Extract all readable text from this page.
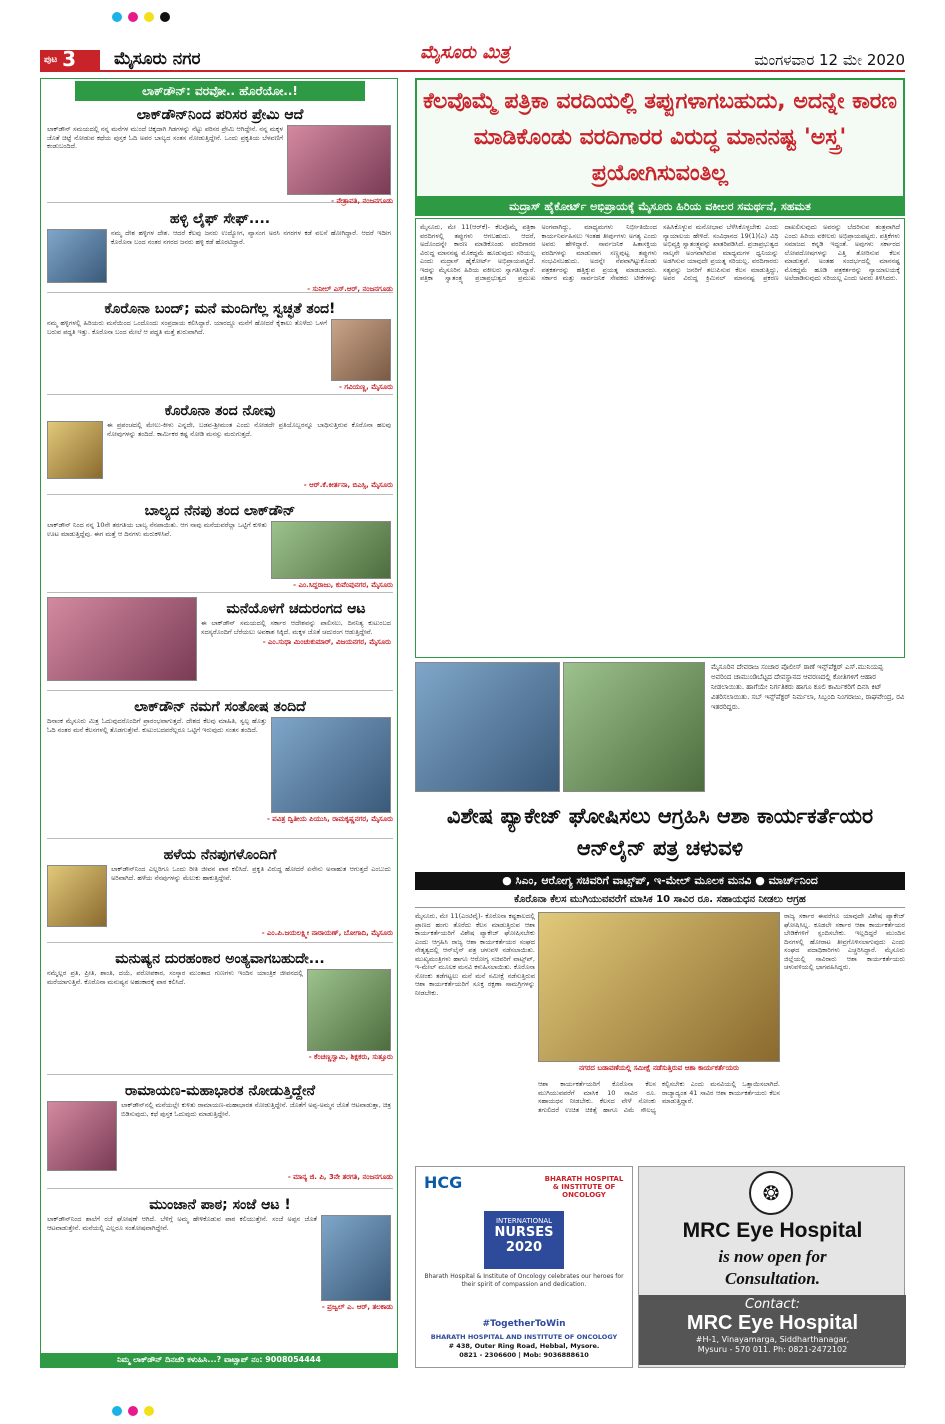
ಪುಟ 3	ಮೈಸೂರು ನಗರ	ಮೈಸೂರು ಮಿತ್ರ	ಮಂಗಳವಾರ 12 ಮೇ 2020
ಲಾಕ್‌ಡೌನ್: ವರವೋ.. ಹೊರೆಯೋ..!
ಲಾಕ್‌ಡೌನ್‌ನಿಂದ ಪರಿಸರ ಪ್ರೇಮಿ ಆದೆ
ಲಾಕ್‌ಡೌನ್ ಸಮಯದಲ್ಲಿ ನನ್ನ ಮನೆಗಳ ಮುಂದೆ ಚಿಕ್ಕದಾಗಿ ಗಿಡಗಳನ್ನು ನೆಟ್ಟು ಪರಿಸರ ಪ್ರೇಮಿ ಆಗಿದ್ದೇನೆ. ನನ್ನ ಮಕ್ಕಳ ಜೊತೆ ಚಿಟ್ಟೆ ನೋಡುವ ಕಥೆಯ ಪುಸ್ತಕ ಓದಿ ಅವರ ಬಾಲ್ಯದ ಸಂತಸ ನೋಡುತ್ತಿದ್ದೇನೆ. ಒಂದು ಪ್ರಕೃತಿಯ ಬೆಳವಣಿಗೆ ಕಂಡುಬಂದಿದೆ.
- ನೇತ್ರಾವತಿ, ನಂಜನಗೂಡು
ಹಳ್ಳಿ ಲೈಫ್ ಸೇಫ್....
ನಮ್ಮ ದೇಶ ಹಳ್ಳಿಗಳ ದೇಶ. ಆದರೆ ಕೆಲವು ಜನರು ಉದ್ಯೋಗ, ವ್ಯಾಸಂಗ ಅರಸಿ ನಗರಗಳ ಕಡೆ ವಲಸೆ ಹೋಗಿದ್ದಾರೆ. ಆದರೆ ಇದೀಗ ಕೊರೊನಾ ಬಂದ ನಂತರ ನಗರದ ಜನರು ಹಳ್ಳಿ ಕಡೆ ಹೊರಟಿದ್ದಾರೆ.
- ಸುನೀಲ್ ಎಸ್.ಆರ್, ನಂಜನಗೂಡು
ಕೊರೊನಾ ಬಂದ್; ಮನೆ ಮಂದಿಗೆಲ್ಲ ಸ್ವಚ್ಛತೆ ತಂದ!
ನಮ್ಮ ಹಳ್ಳಿಗಳಲ್ಲಿ ಹಿರಿಯರು ಮನೆಯಿಂದ ಒಂದೊಂದು ಸಂಪ್ರದಾಯ ಕಲಿಸಿದ್ದಾರೆ. ಯಾರದ್ದೂ ಮನೆಗೆ ಹೋದರೆ ಕೈಕಾಲು ತೊಳೆದು ಒಳಗೆ ಬರುವ ಪದ್ಧತಿ ಇತ್ತು. ಕೊರೊನಾ ಬಂದ ಮೇಲೆ ಆ ಪದ್ಧತಿ ಮತ್ತೆ ಶುರುವಾಗಿದೆ.
- ಗವಿಯಣ್ಣ, ಮೈಸೂರು
ಕೊರೊನಾ ತಂದ ನೋವು
ಈ ಪ್ರಪಂಚದಲ್ಲಿ ಮೇಲು-ಕೀಳು ಎನ್ನದೇ, ಬಡವ-ಶ್ರೀಮಂತ ಎಂದು ನೋಡದೇ ಪ್ರತಿಯೊಬ್ಬರನ್ನೂ ಬಾಧಿಸುತ್ತಿರುವ ಕೊರೊನಾ ಹಲವು ನೋವುಗಳನ್ನು ತಂದಿದೆ. ಕಾರ್ಮಿಕರ ಕಷ್ಟ ನೋಡಿ ಮನಸ್ಸು ಮರುಗುತ್ತದೆ.
- ಆರ್.ಕೆ.ಕೀರ್ತನಾ, ಬಿಎಸ್ಸಿ, ಮೈಸೂರು
ಬಾಲ್ಯದ ನೆನಪು ತಂದ ಲಾಕ್‌ಡೌನ್
ಲಾಕ್‌ಡೌನ್ ನಿಂದ ನನ್ನ 10ನೇ ತರಗತಿಯ ಬಾಲ್ಯ ನೆನಪಾಯಿತು. ಆಗ ನಾವು ಮನೆಯವರೆಲ್ಲಾ ಒಟ್ಟಿಗೆ ಕುಳಿತು ಊಟ ಮಾಡುತ್ತಿದ್ದೆವು. ಈಗ ಮತ್ತೆ ಆ ದಿನಗಳು ಮರುಕಳಿಸಿವೆ.
- ಎಂ.ಸಿದ್ದರಾಜು, ಕುವೆಂಪುನಗರ, ಮೈಸೂರು
ಮನೆಯೊಳಗೆ ಚದುರಂಗದ ಆಟ
ಈ ಲಾಕ್‌ಡೌನ್ ಸಮಯದಲ್ಲಿ ಸರ್ಕಾರ ಆದೇಶವನ್ನು ಪಾಲಿಸಲು, ದಿನನಿತ್ಯ ಕುಟುಂಬದ ಸದಸ್ಯರೊಂದಿಗೆ ಬೆರೆಯಲು ಅವಕಾಶ ಸಿಕ್ಕಿದೆ. ಮಕ್ಕಳ ಜೊತೆ ಚದುರಂಗ ಆಡುತ್ತಿದ್ದೇವೆ.
- ಎಂ.ಸುಧಾ ಮಿಂಚುಕುಮಾರ್, ವಿಜಯನಗರ, ಮೈಸೂರು
ಲಾಕ್‌ಡೌನ್ ನಮಗೆ ಸಂತೋಷ ತಂದಿದೆ
ದಿನಾಂಕ ಮೈಸೂರು ಮಿತ್ರ ಓದುವುದರೊಂದಿಗೆ ಪ್ರಾರಂಭವಾಗುತ್ತದೆ. ದೇಶದ ಕೆಲವು ಮಾಹಿತಿ, ಸ್ವಲ್ಪ ಹೊತ್ತು ಓದಿ ನಂತರ ಮನೆ ಕೆಲಸಗಳಲ್ಲಿ ತೊಡಗುತ್ತೇವೆ. ಕುಟುಂಬದವರೆಲ್ಲರೂ ಒಟ್ಟಿಗೆ ಇರುವುದು ಸಂತಸ ತಂದಿದೆ.
- ಪವಿತ್ರ ದ್ವಿತೀಯ ಪಿಯುಸಿ, ರಾಮಕೃಷ್ಣನಗರ, ಮೈಸೂರು
ಹಳೆಯ ನೆನಪುಗಳೊಂದಿಗೆ
ಲಾಕ್‌ಡೌನ್‌ನಿಂದ ಎಲ್ಲರಿಗೂ ಒಂದು ರೀತಿ ಜೀವನ ಪಾಠ ಕಲಿಸಿದೆ. ಪ್ರಕೃತಿ ವಿರುದ್ಧ ಹೋದರೆ ಏನೇನು ಅನಾಹುತ ಆಗುತ್ತದೆ ಎಂಬುದು ಅರಿವಾಗಿದೆ. ಹಳೆಯ ನೆನಪುಗಳನ್ನು ಮೆಲುಕು ಹಾಕುತ್ತಿದ್ದೇವೆ.
- ಎಂ.ಪಿ.ಜಯಲಕ್ಷ್ಮೀ ನಾರಾಯಣ್, ಬೋಗಾದಿ, ಮೈಸೂರು
ಮನುಷ್ಯನ ದುರಹಂಕಾರ ಅಂತ್ಯವಾಗಬಹುದೇ...
ನಮ್ಮೆಲ್ಲರ ಪ್ರತಿ, ಪ್ರೀತಿ, ಶಾಂತಿ, ದಯೆ, ಪರೋಪಕಾರ, ಸಂಸ್ಕಾರ ಮುಂತಾದ ಗುಣಗಳು ಇಂದಿನ ಯಾಂತ್ರಿಕ ಜೀವನದಲ್ಲಿ ಮರೆಯಾಗುತ್ತಿವೆ. ಕೊರೊನಾ ಮನುಷ್ಯನ ಅಹಂಕಾರಕ್ಕೆ ಪಾಠ ಕಲಿಸಿದೆ.
- ಕೆಂಚಣ್ಣಸ್ವಾಮಿ, ಶಿಕ್ಷಕರು, ಸುತ್ತೂರು
ರಾಮಾಯಣ-ಮಹಾಭಾರತ ನೋಡುತ್ತಿದ್ದೇನೆ
ಲಾಕ್‌ಡೌನ್‌ನಲ್ಲಿ ಮನೆಯಲ್ಲೇ ಕುಳಿತು ರಾಮಾಯಣ-ಮಹಾಭಾರತ ನೋಡುತ್ತಿದ್ದೇನೆ. ಜೊತೆಗೆ ಅಪ್ಪ-ಅಮ್ಮನ ಜೊತೆ ಆಟವಾಡುತ್ತಾ, ಚಿತ್ರ ಬಿಡಿಸುವುದು, ಕಥೆ ಪುಸ್ತಕ ಓದುವುದು ಮಾಡುತ್ತಿದ್ದೇನೆ.
- ಮಾನ್ಯ ಜಿ. ಪಿ, 3ನೇ ತರಗತಿ, ನಂಜನಗೂಡು
ಮುಂಜಾನೆ ಪಾಠ; ಸಂಜೆ ಆಟ !
ಲಾಕ್‌ಡೌನ್‌ನಿಂದ ಶಾಲೆಗೆ ರಜೆ ಘೋಷಣೆ ಆಗಿದೆ. ಬೆಳಿಗ್ಗೆ ಅಮ್ಮ ಹೇಳಿಕೊಡುವ ಪಾಠ ಕಲಿಯುತ್ತೇನೆ. ಸಂಜೆ ಅಪ್ಪನ ಜೊತೆ ಆಟವಾಡುತ್ತೇನೆ. ಮನೆಯಲ್ಲಿ ಎಲ್ಲರೂ ಸಂತೋಷವಾಗಿದ್ದೇವೆ.
- ಪ್ರಜ್ವಲ್ ಎ. ಆರ್, ತಲಕಾಡು
ನಿಮ್ಮ ಲಾಕ್‌ಡೌನ್ ದಿನಚರಿ ಕಳುಹಿಸಿ...? ವಾಟ್ಸಾಪ್ ನಂ: 9008054444
ಕೆಲವೊಮ್ಮೆ ಪತ್ರಿಕಾ ವರದಿಯಲ್ಲಿ ತಪ್ಪುಗಳಾಗಬಹುದು, ಅದನ್ನೇ ಕಾರಣ ಮಾಡಿಕೊಂಡು ವರದಿಗಾರರ ವಿರುದ್ಧ ಮಾನನಷ್ಟ 'ಅಸ್ತ್ರ' ಪ್ರಯೋಗಿಸುವಂತಿಲ್ಲ
ಮದ್ರಾಸ್ ಹೈಕೋರ್ಟ್ ಅಭಿಪ್ರಾಯಕ್ಕೆ ಮೈಸೂರು ಹಿರಿಯ ವಕೀಲರ ಸಮರ್ಥನೆ, ಸಹಮತ
ಮೈಸೂರು, ಮೇ 11(ಆರ್‌ಕೆ)- ಕೆಲವೊಮ್ಮೆ ಪತ್ರಿಕಾ ವರದಿಗಳಲ್ಲಿ ತಪ್ಪುಗಳು ಆಗಬಹುದು. ಆದರೆ, ಅದೊಂದನ್ನೇ ಕಾರಣ ಮಾಡಿಕೊಂಡು ವರದಿಗಾರರ ವಿರುದ್ಧ ಮಾನನಷ್ಟ ಮೊಕದ್ದಮೆ ಹೂಡುವುದು ಸರಿಯಲ್ಲ ಎಂದು ಮದ್ರಾಸ್ ಹೈಕೋರ್ಟ್ ಅಭಿಪ್ರಾಯಪಟ್ಟಿದೆ. ಇದನ್ನು ಮೈಸೂರಿನ ಹಿರಿಯ ವಕೀಲರು ಸ್ವಾಗತಿಸಿದ್ದಾರೆ. ಪತ್ರಿಕಾ ಸ್ವಾತಂತ್ರ್ಯ ಪ್ರಜಾಪ್ರಭುತ್ವದ ಪ್ರಮುಖ ಅಂಗವಾಗಿದ್ದು, ಮಾಧ್ಯಮಗಳು ನಿರ್ಭೀತಿಯಿಂದ ಕಾರ್ಯನಿರ್ವಹಿಸಲು ಇಂತಹ ತೀರ್ಪುಗಳು ಅಗತ್ಯ ಎಂದು ಅವರು ಹೇಳಿದ್ದಾರೆ. ಸಾರ್ವಜನಿಕ ಹಿತಾಸಕ್ತಿಯ ವರದಿಗಳನ್ನು ಮಾಡುವಾಗ ಸಣ್ಣಪುಟ್ಟ ತಪ್ಪುಗಳು ಸಂಭವಿಸಬಹುದು. ಅದನ್ನೇ ನೆಪವಾಗಿಟ್ಟುಕೊಂಡು ಪತ್ರಕರ್ತರನ್ನು ಹತ್ತಿಕ್ಕುವ ಪ್ರಯತ್ನ ಮಾಡಬಾರದು. ಸರ್ಕಾರ ಮತ್ತು ಸಾರ್ವಜನಿಕ ಸೇವಕರು ಟೀಕೆಗಳನ್ನು ಸಹಿಸಿಕೊಳ್ಳುವ ಮನೋಭಾವ ಬೆಳೆಸಿಕೊಳ್ಳಬೇಕು ಎಂದು ನ್ಯಾಯಾಲಯ ಹೇಳಿದೆ. ಸಂವಿಧಾನದ 19(1)(ಎ) ವಿಧಿ ಅಭಿವ್ಯಕ್ತಿ ಸ್ವಾತಂತ್ರ್ಯವನ್ನು ಖಾತರಿಪಡಿಸಿದೆ. ಪ್ರಜಾಪ್ರಭುತ್ವದ ನಾಲ್ಕನೇ ಅಂಗವಾಗಿರುವ ಮಾಧ್ಯಮಗಳ ಧ್ವನಿಯನ್ನು ಅಡಗಿಸುವ ಯಾವುದೇ ಪ್ರಯತ್ನ ಸರಿಯಲ್ಲ. ವರದಿಗಾರರು ಸತ್ಯವನ್ನು ಜನರಿಗೆ ತಲುಪಿಸುವ ಕೆಲಸ ಮಾಡುತ್ತಿದ್ದು, ಅವರ ವಿರುದ್ಧ ಕ್ರಿಮಿನಲ್ ಮಾನನಷ್ಟ ಪ್ರಕರಣ ದಾಖಲಿಸುವುದು ಅವರನ್ನು ಬೆದರಿಸುವ ತಂತ್ರವಾಗಿದೆ ಎಂದು ಹಿರಿಯ ವಕೀಲರು ಅಭಿಪ್ರಾಯಪಟ್ಟರು. ಪತ್ರಿಕೆಗಳು ಸಮಾಜದ ಕನ್ನಡಿ ಇದ್ದಂತೆ. ಅವುಗಳು ಸರ್ಕಾರದ ಲೋಪದೋಷಗಳನ್ನು ಎತ್ತಿ ತೋರಿಸುವ ಕೆಲಸ ಮಾಡುತ್ತವೆ. ಅಂತಹ ಸಂದರ್ಭದಲ್ಲಿ ಮಾನನಷ್ಟ ಮೊಕದ್ದಮೆ ಹೂಡಿ ಪತ್ರಕರ್ತರನ್ನು ನ್ಯಾಯಾಲಯಕ್ಕೆ ಅಲೆದಾಡಿಸುವುದು ಸರಿಯಲ್ಲ ಎಂದು ಅವರು ತಿಳಿಸಿದರು.
ಮೈಸೂರಿನ ದೇವರಾಜ ಸಂಚಾರ ಪೊಲೀಸ್ ಠಾಣೆ ಇನ್ಸ್‌ಪೆಕ್ಟರ್ ಎಸ್.ಮುನಿಯಪ್ಪ ಅವರಿಂದ ಚಾಮುಂಡಿಬೆಟ್ಟದ ದೇವಸ್ಥಾನದ ಆವರಣದಲ್ಲಿ ಕೋತಿಗಳಿಗೆ ಆಹಾರ ನೀಡಲಾಯಿತು. ಹಾಗೆಯೇ ನಿರ್ಗತಿಕರು ಹಾಗೂ ಕೂಲಿ ಕಾರ್ಮಿಕರಿಗೆ ದಿನಸಿ ಕಿಟ್ ವಿತರಿಸಲಾಯಿತು. ಸಬ್ ಇನ್ಸ್‌ಪೆಕ್ಟರ್ ನಿರ್ಮಲಾ, ಸಿಬ್ಬಂದಿ ನಿಂಗರಾಜು, ರಾಘವೇಂದ್ರ, ರವಿ ಇತರರಿದ್ದರು.
ವಿಶೇಷ ಪ್ಯಾಕೇಜ್ ಘೋಷಿಸಲು ಆಗ್ರಹಿಸಿ ಆಶಾ ಕಾರ್ಯಕರ್ತೆಯರ ಆನ್‌ಲೈನ್ ಪತ್ರ ಚಳುವಳಿ
● ಸಿಎಂ, ಆರೋಗ್ಯ ಸಚಿವರಿಗೆ ವಾಟ್ಸ್‌ಪ್, ಇ-ಮೇಲ್ ಮೂಲಕ ಮನವಿ ● ಮಾರ್ಚ್‌ನಿಂದ
ಕೊರೊನಾ ಕೆಲಸ ಮುಗಿಯುವವರೆಗೆ ಮಾಸಿಕ 10 ಸಾವಿರ ರೂ. ಸಹಾಯಧನ ನೀಡಲು ಆಗ್ರಹ
ಮೈಸೂರು, ಮೇ 11(ಎಂಟಿವೈ)- ಕೊರೊನಾ ಕಷ್ಟಕಾಲದಲ್ಲಿ ಪ್ರಾಣದ ಹಂಗು ತೊರೆದು ಕೆಲಸ ಮಾಡುತ್ತಿರುವ ಆಶಾ ಕಾರ್ಯಕರ್ತೆಯರಿಗೆ ವಿಶೇಷ ಪ್ಯಾಕೇಜ್ ಘೋಷಿಸಬೇಕು ಎಂದು ಆಗ್ರಹಿಸಿ ರಾಜ್ಯ ಆಶಾ ಕಾರ್ಯಕರ್ತೆಯರ ಸಂಘದ ನೇತೃತ್ವದಲ್ಲಿ ಆನ್‌ಲೈನ್ ಪತ್ರ ಚಳುವಳಿ ನಡೆಸಲಾಯಿತು. ಮುಖ್ಯಮಂತ್ರಿಗಳು ಹಾಗೂ ಆರೋಗ್ಯ ಸಚಿವರಿಗೆ ವಾಟ್ಸ್‌ಪ್, ಇ-ಮೇಲ್ ಮೂಲಕ ಮನವಿ ಕಳುಹಿಸಲಾಯಿತು. ಕೊರೊನಾ ಸೋಂಕು ತಡೆಗಟ್ಟಲು ಮನೆ ಮನೆ ಸಮೀಕ್ಷೆ ನಡೆಸುತ್ತಿರುವ ಆಶಾ ಕಾರ್ಯಕರ್ತೆಯರಿಗೆ ಸೂಕ್ತ ರಕ್ಷಣಾ ಸಾಮಗ್ರಿಗಳನ್ನು ನೀಡಬೇಕು.
ನಗರದ ಬಡಾವಣೆಯಲ್ಲಿ ಸಮೀಕ್ಷೆ ನಡೆಸುತ್ತಿರುವ ಆಶಾ ಕಾರ್ಯಕರ್ತೆಯರು
ಆಶಾ ಕಾರ್ಯಕರ್ತೆಯರಿಗೆ ಕೊರೊನಾ ಕೆಲಸ ಮುಗಿಯುವವರೆಗೆ ಮಾಸಿಕ 10 ಸಾವಿರ ರೂ. ಸಹಾಯಧನ ನೀಡಬೇಕು. ಕೆಲಸದ ವೇಳೆ ಸೋಂಕು ತಗುಲಿದರೆ ಉಚಿತ ಚಿಕಿತ್ಸೆ ಹಾಗೂ ವಿಮೆ ಸೌಲಭ್ಯ ಕಲ್ಪಿಸಬೇಕು ಎಂದು ಮನವಿಯಲ್ಲಿ ಒತ್ತಾಯಿಸಲಾಗಿದೆ. ರಾಜ್ಯಾದ್ಯಂತ 41 ಸಾವಿರ ಆಶಾ ಕಾರ್ಯಕರ್ತೆಯರು ಕೆಲಸ ಮಾಡುತ್ತಿದ್ದಾರೆ.
ರಾಜ್ಯ ಸರ್ಕಾರ ಈವರೆಗೂ ಯಾವುದೇ ವಿಶೇಷ ಪ್ಯಾಕೇಜ್ ಘೋಷಿಸಿಲ್ಲ. ಕೂಡಲೇ ಸರ್ಕಾರ ಆಶಾ ಕಾರ್ಯಕರ್ತೆಯರ ಬೇಡಿಕೆಗಳಿಗೆ ಸ್ಪಂದಿಸಬೇಕು. ಇಲ್ಲದಿದ್ದರೆ ಮುಂದಿನ ದಿನಗಳಲ್ಲಿ ಹೋರಾಟ ತೀವ್ರಗೊಳಿಸಲಾಗುವುದು ಎಂದು ಸಂಘದ ಪದಾಧಿಕಾರಿಗಳು ಎಚ್ಚರಿಸಿದ್ದಾರೆ. ಮೈಸೂರು ಜಿಲ್ಲೆಯಲ್ಲಿ ಸಾವಿರಾರು ಆಶಾ ಕಾರ್ಯಕರ್ತೆಯರು ಚಳುವಳಿಯಲ್ಲಿ ಭಾಗವಹಿಸಿದ್ದರು.
HCG	BHARATH HOSPITAL & INSTITUTE OF ONCOLOGY
INTERNATIONAL
NURSES
2020
Bharath Hospital & Institute of Oncology celebrates our heroes for their spirit of compassion and dedication.
#TogetherToWin
BHARATH HOSPITAL AND INSTITUTE OF ONCOLOGY
# 438, Outer Ring Road, Hebbal, Mysore.
0821 - 2306600 | Mob: 9036888610
❂
MRC Eye Hospital
is now open for
Consultation.
Contact:
MRC Eye Hospital
#H-1, Vinayamarga, Siddharthanagar,
Mysuru - 570 011. Ph: 0821-2472102
